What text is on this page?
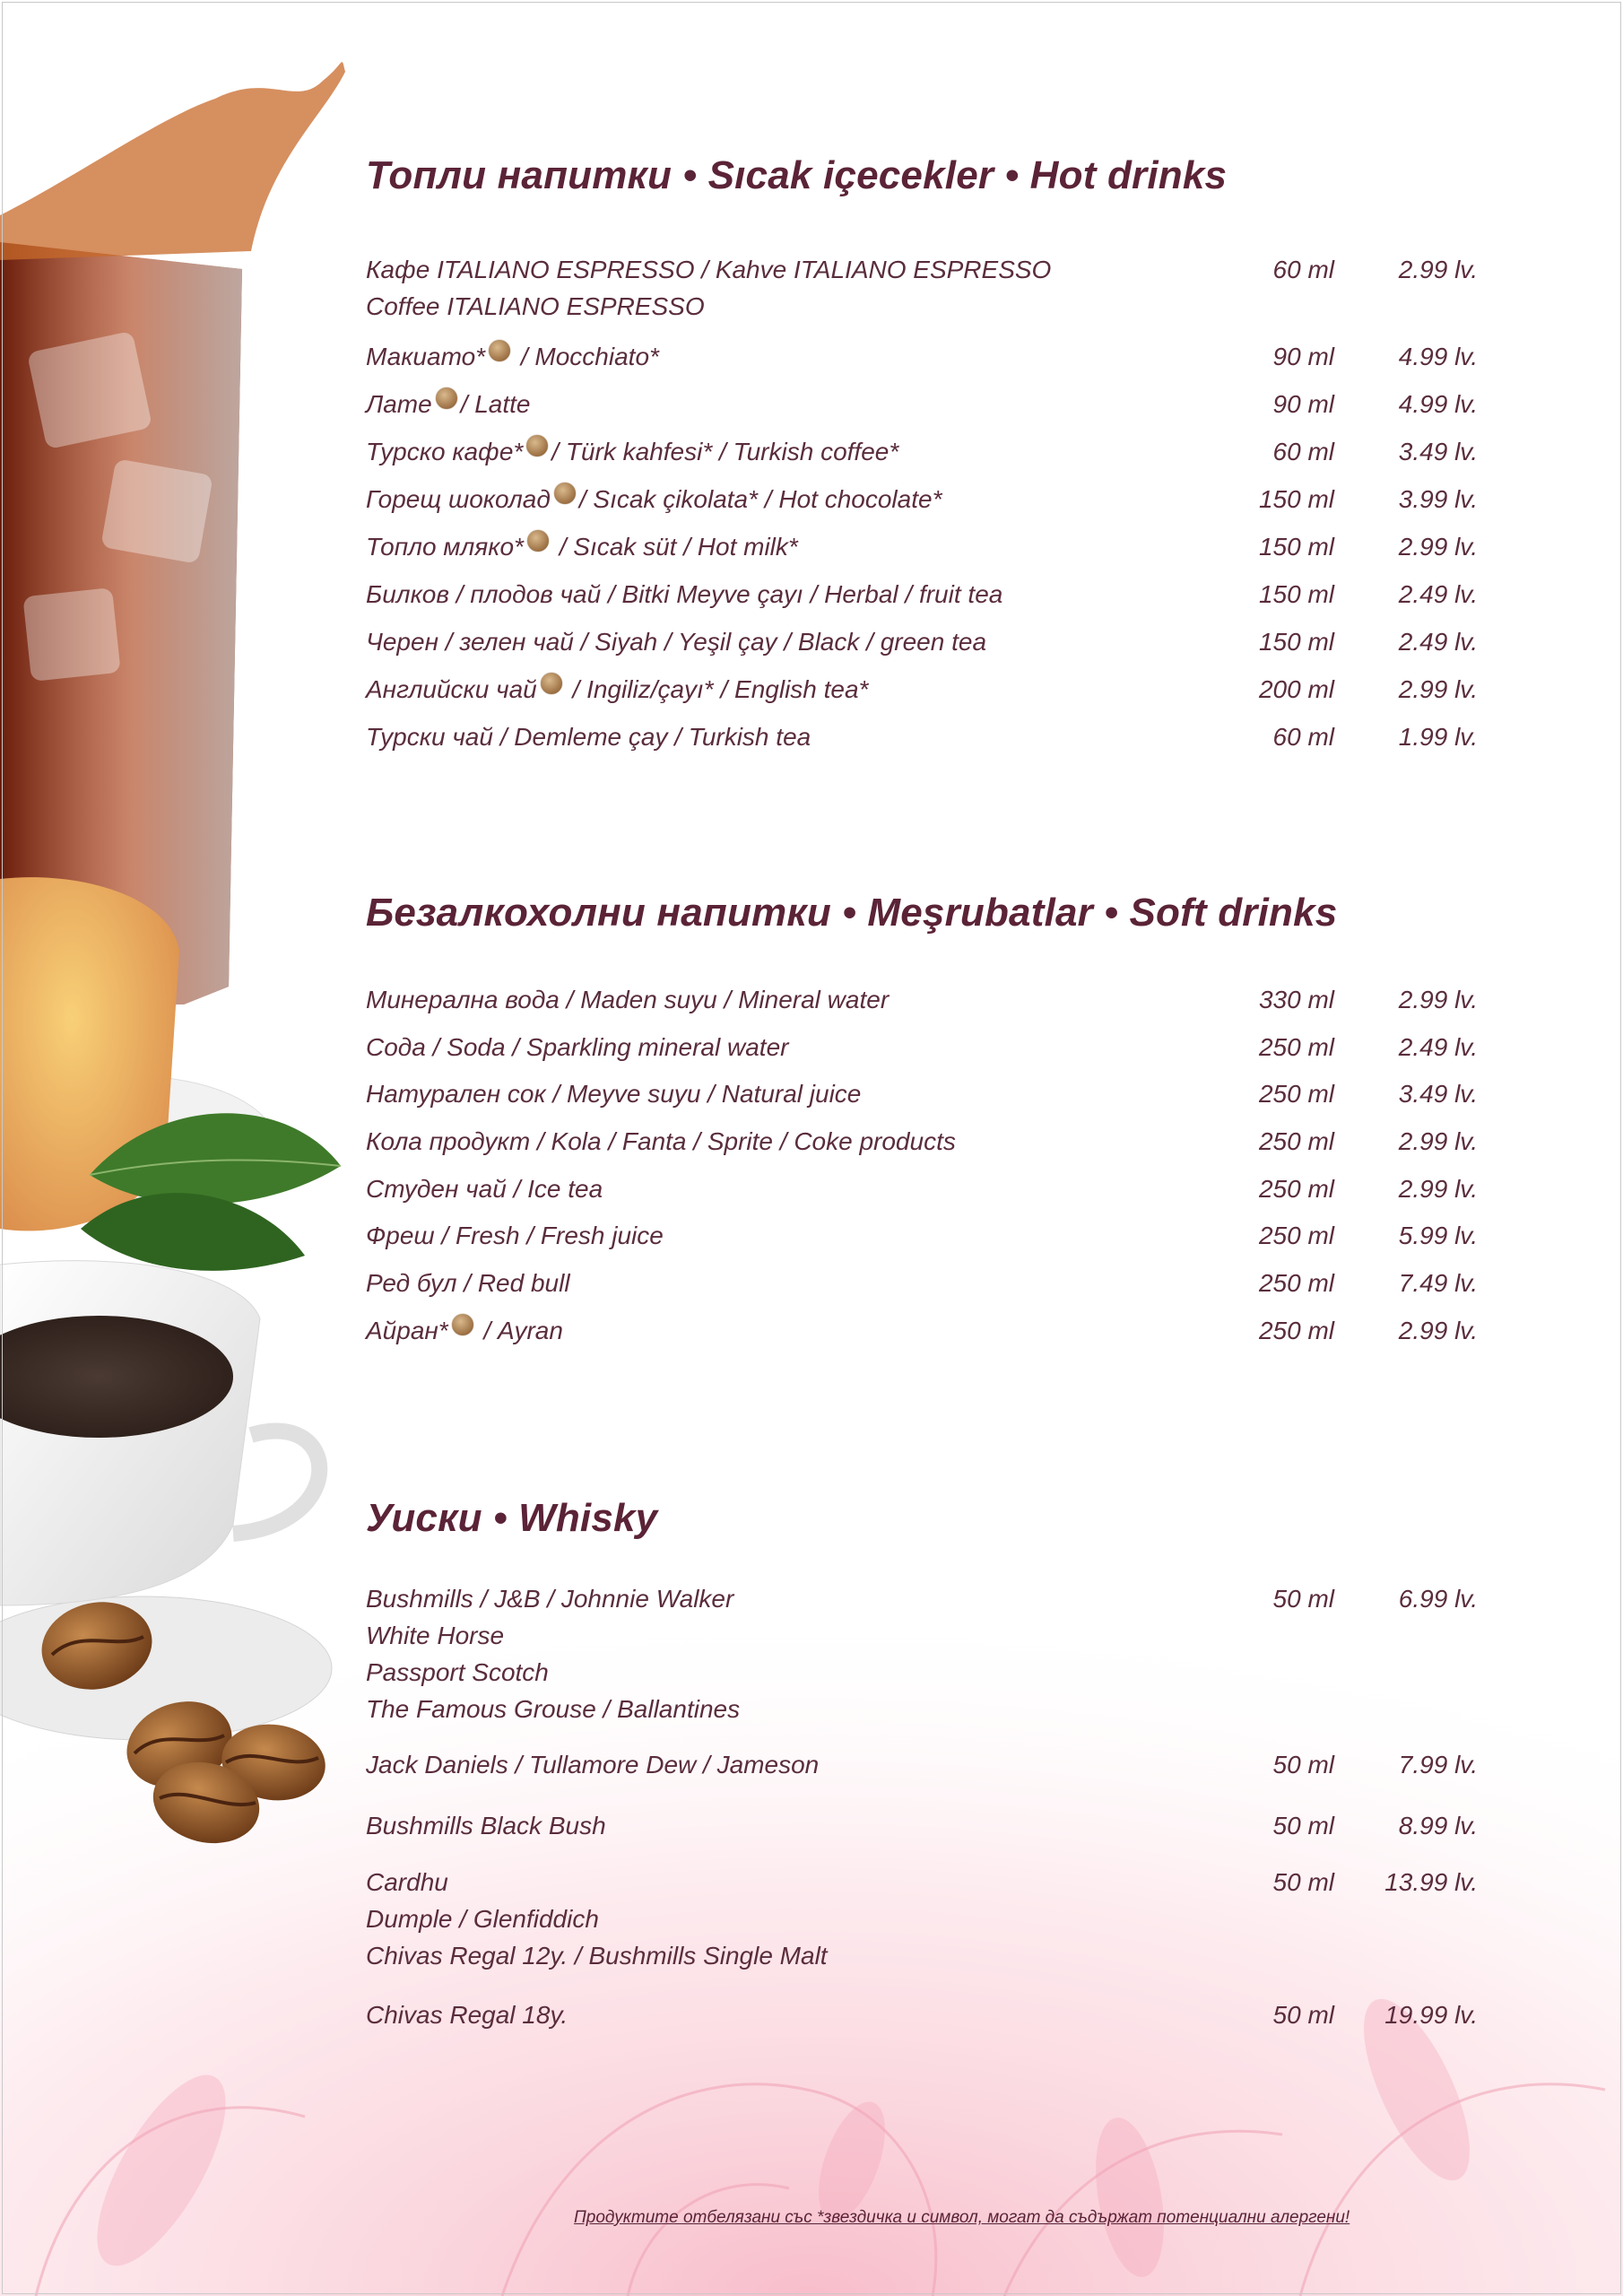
Топли напитки • Sıcak içecekler • Hot drinks
Кафе ITALIANO ESPRESSO / Kahve ITALIANO ESPRESSO
Coffee ITALIANO ESPRESSO
60 ml	2.99 lv.
Макиато* / Mocchiato*	90 ml	4.99 lv.
Лате / Latte	90 ml	4.99 lv.
Турско кафе* / Türk kahfesi* / Turkish coffee*	60 ml	3.49 lv.
Горещ шоколад / Sıcak çikolata* / Hot chocolate*	150 ml	3.99 lv.
Топло мляко* / Sıcak süt / Hot milk*	150 ml	2.99 lv.
Билков / плодов чай / Bitki Meyve çayı / Herbal / fruit tea	150 ml	2.49 lv.
Черен / зелен чай / Siyah / Yeşil çay / Black / green tea	150 ml	2.49 lv.
Английски чай / Ingiliz/çayı* / English tea*	200 ml	2.99 lv.
Турски чай / Demleme çay / Turkish tea	60 ml	1.99 lv.
Безалкохолни напитки • Meşrubatlar • Soft drinks
Минерална вода / Maden suyu / Mineral water	330 ml	2.99 lv.
Сода / Soda / Sparkling mineral water	250 ml	2.49 lv.
Натурален сок / Meyve suyu / Natural juice	250 ml	3.49 lv.
Кола продукт / Kola / Fanta / Sprite / Coke products	250 ml	2.99 lv.
Студен чай / Ice tea	250 ml	2.99 lv.
Фреш / Fresh / Fresh juice	250 ml	5.99 lv.
Ред бул / Red bull	250 ml	7.49 lv.
Айран* / Ayran	250 ml	2.99 lv.
Уиски • Whisky
Bushmills / J&B / Johnnie Walker
White Horse
Passport Scotch
The Famous Grouse / Ballantines
50 ml	6.99 lv.
Jack Daniels / Tullamore Dew / Jameson	50 ml	7.99 lv.
Bushmills Black Bush	50 ml	8.99 lv.
Cardhu
Dumple / Glenfiddich
Chivas Regal 12y. / Bushmills Single Malt
50 ml	13.99 lv.
Chivas Regal 18y.	50 ml	19.99 lv.
Продуктите отбелязани със *звездичка и символ, могат да съдържат потенциални алергени!
